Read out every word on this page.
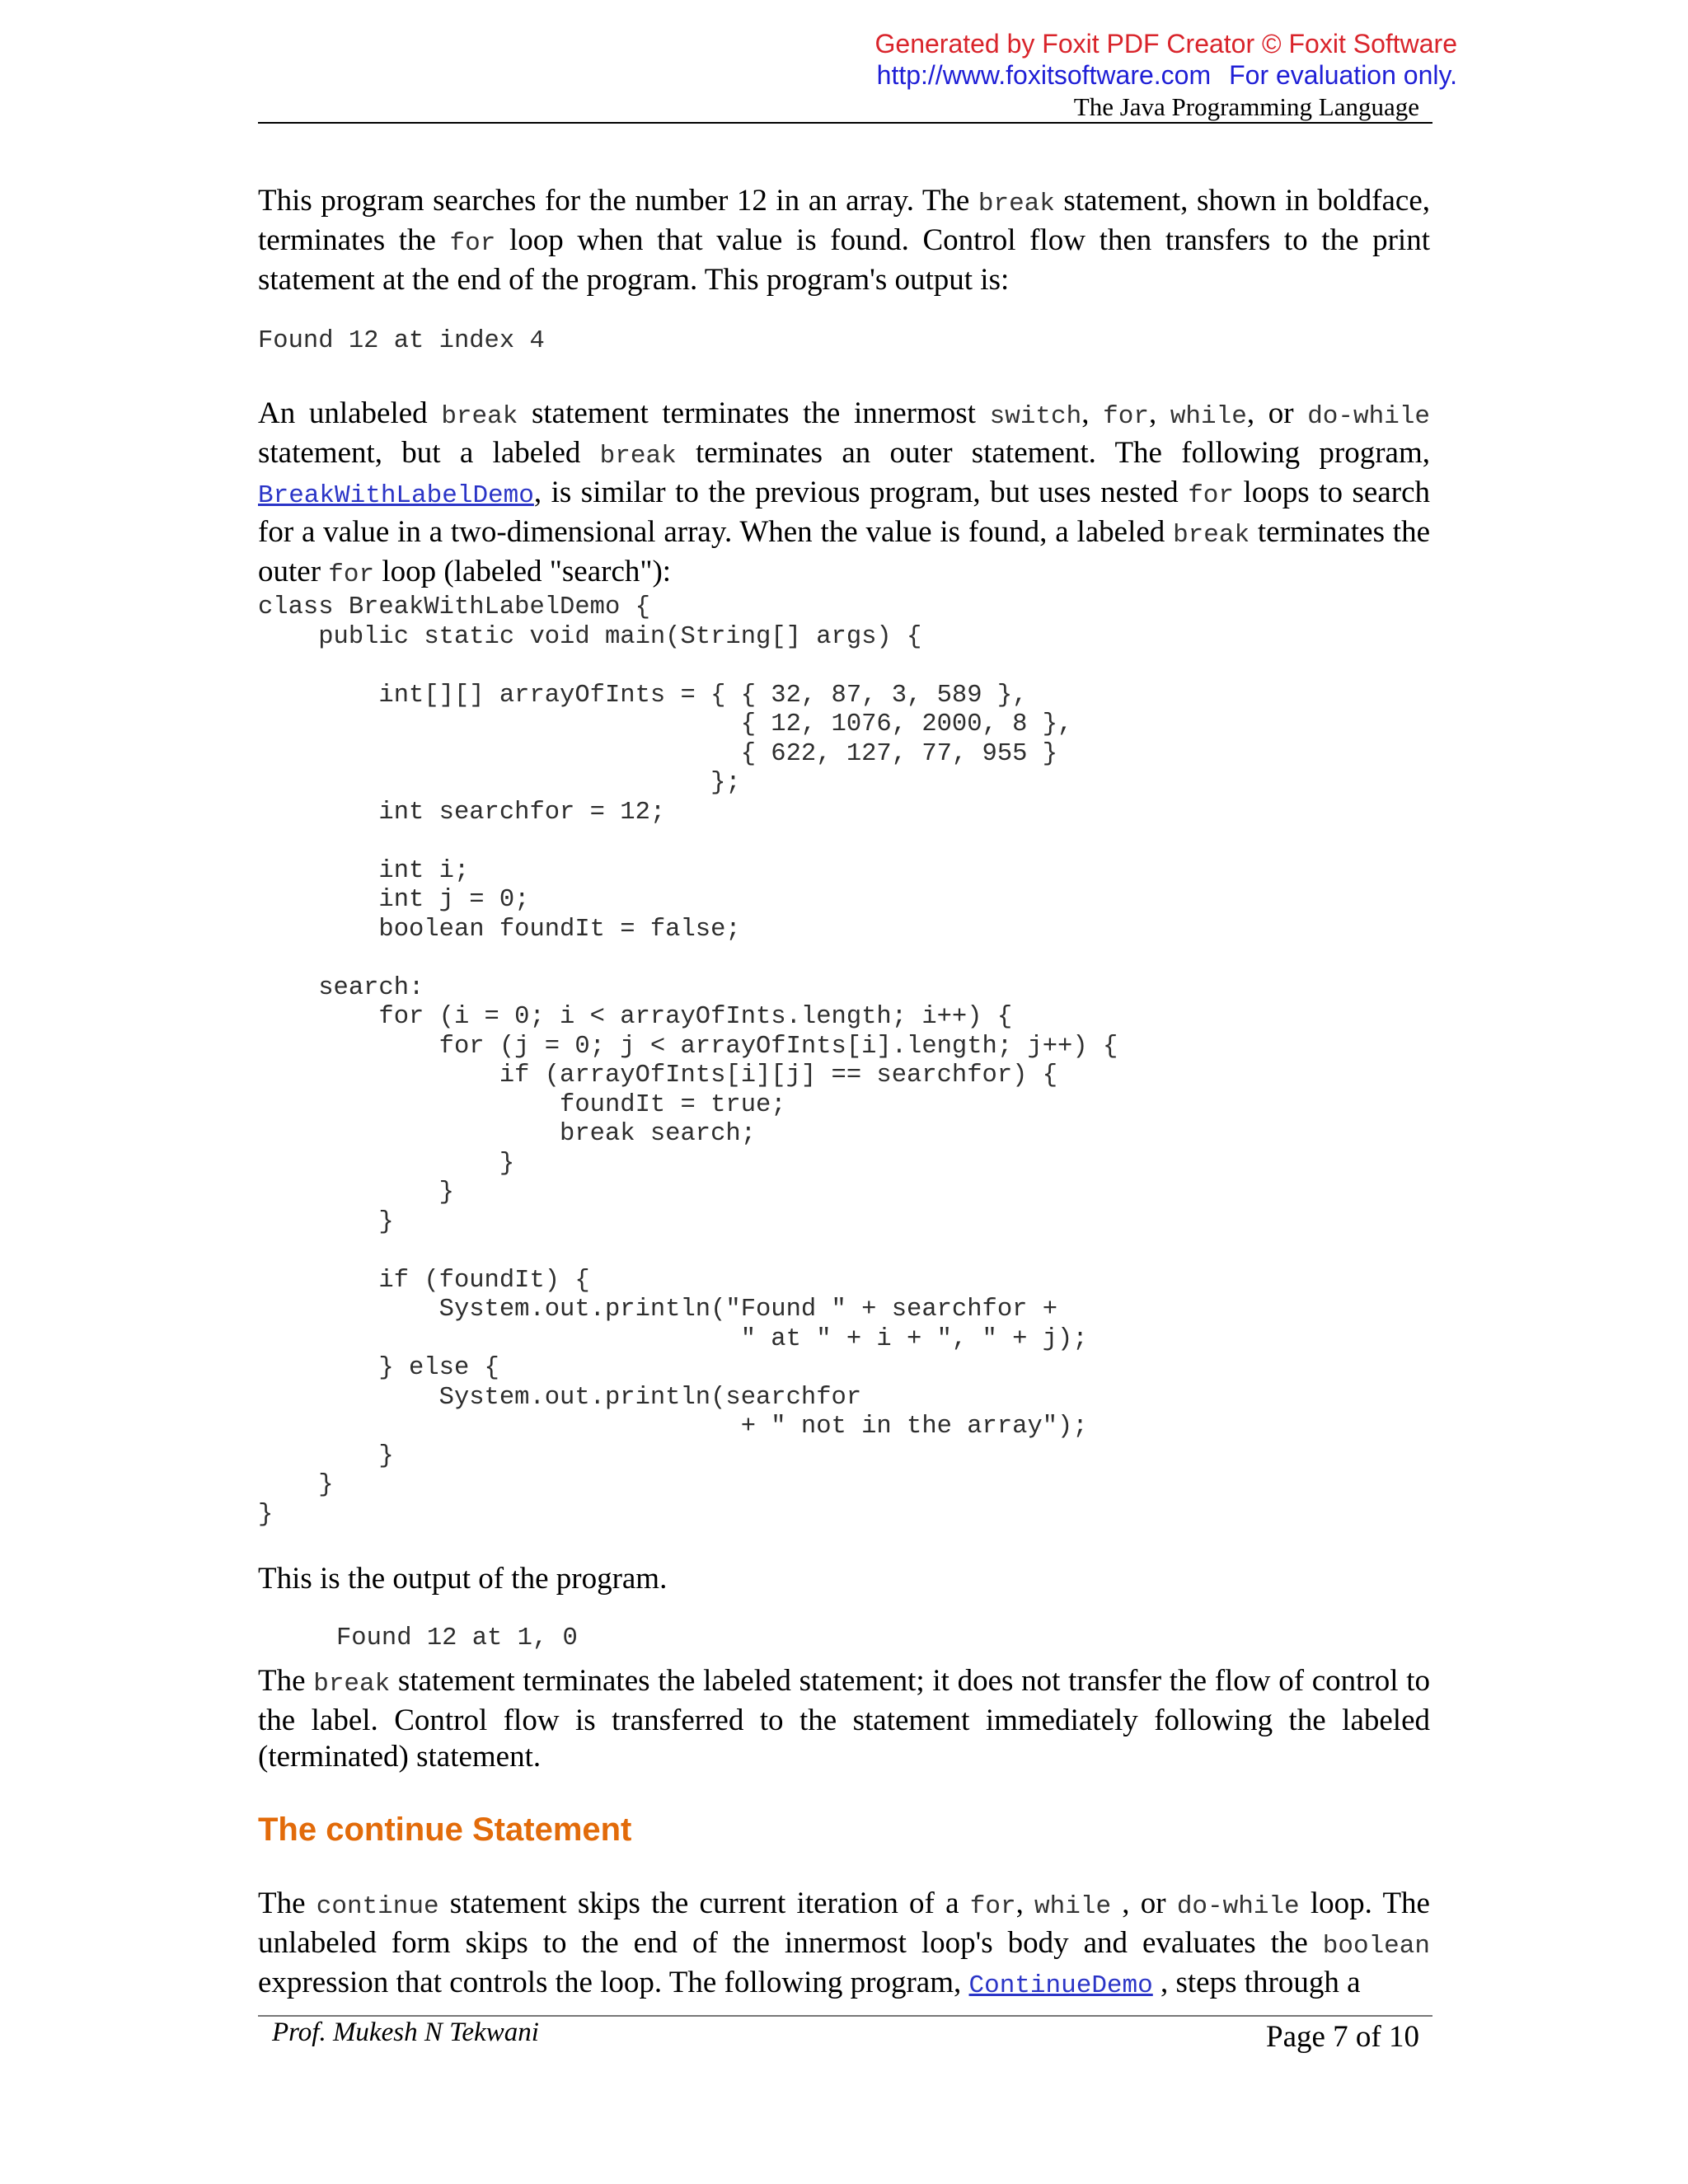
Generated by Foxit PDF Creator © Foxit Software
http://www.foxitsoftware.com For evaluation only.
The Java Programming Language

This program searches for the number 12 in an array. The break statement, shown in boldface, terminates the for loop when that value is found. Control flow then transfers to the print statement at the end of the program. This program's output is:

Found 12 at index 4

An unlabeled break statement terminates the innermost switch, for, while, or do-while statement, but a labeled break terminates an outer statement. The following program, BreakWithLabelDemo, is similar to the previous program, but uses nested for loops to search for a value in a two-dimensional array. When the value is found, a labeled break terminates the outer for loop (labeled "search"):

class BreakWithLabelDemo {
public static void main(String[] args) {

int[][] arrayOfInts = { { 32, 87, 3, 589 },
{ 12, 1076, 2000, 8 },
{ 622, 127, 77, 955 }
};
int searchfor = 12;

int i;
int j = 0;
boolean foundIt = false;

search:
for (i = 0; i < arrayOfInts.length; i++) {
for (j = 0; j < arrayOfInts[i].length; j++) {
if (arrayOfInts[i][j] == searchfor) {
foundIt = true;
break search;
}
}
}

if (foundIt) {
System.out.println("Found " + searchfor +
" at " + i + ", " + j);
} else {
System.out.println(searchfor
+ " not in the array");
}
}
}

This is the output of the program.

Found 12 at 1, 0

The break statement terminates the labeled statement; it does not transfer the flow of control to the label. Control flow is transferred to the statement immediately following the labeled (terminated) statement.

The continue Statement

The continue statement skips the current iteration of a for, while , or do-while loop. The unlabeled form skips to the end of the innermost loop's body and evaluates the boolean expression that controls the loop. The following program, ContinueDemo , steps through a

Prof. Mukesh N Tekwani	Page 7 of 10
